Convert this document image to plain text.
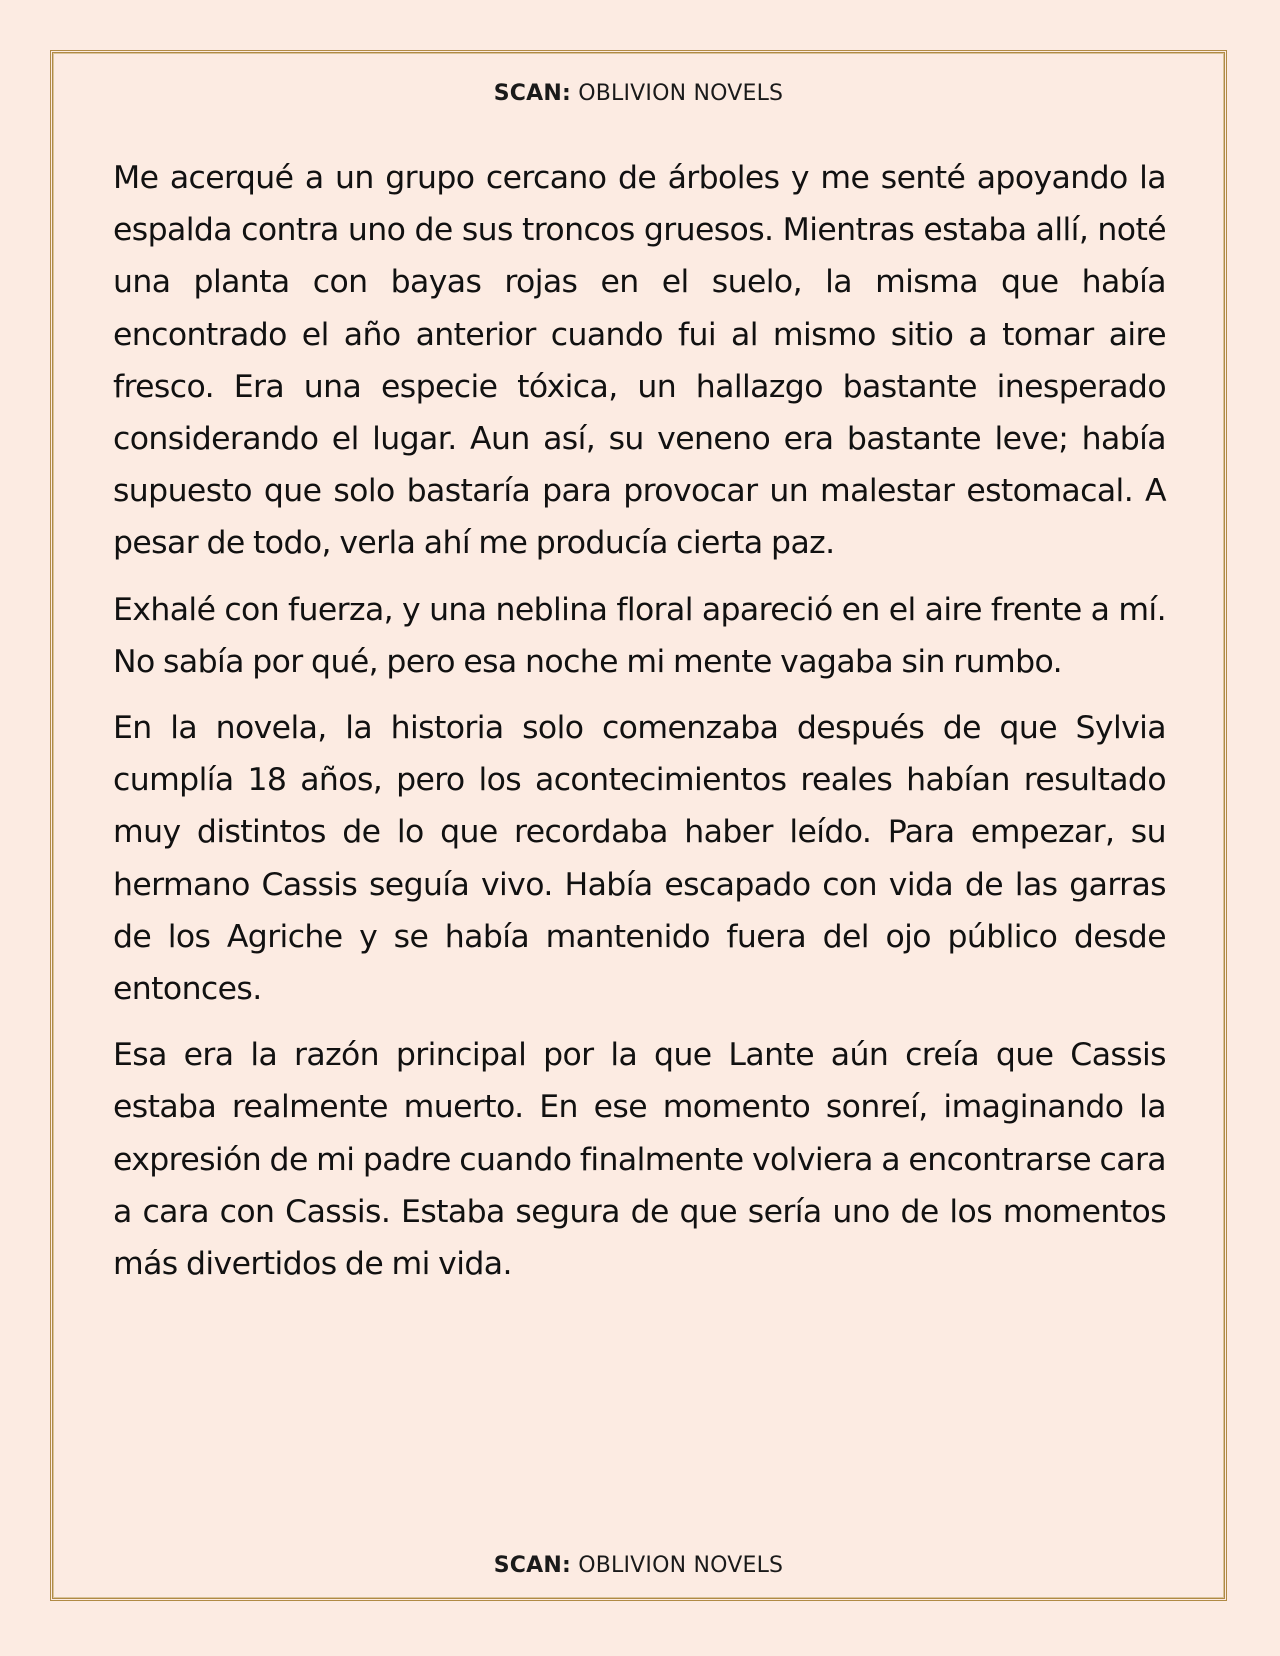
SCAN: OBLIVION NOVELS

Me acerqué a un grupo cercano de árboles y me senté apoyando la espalda contra uno de sus troncos gruesos. Mientras estaba allí, noté una planta con bayas rojas en el suelo, la misma que había encontrado el año anterior cuando fui al mismo sitio a tomar aire fresco. Era una especie tóxica, un hallazgo bastante inesperado considerando el lugar. Aun así, su veneno era bastante leve; había supuesto que solo bastaría para provocar un malestar estomacal. A pesar de todo, verla ahí me producía cierta paz.

Exhalé con fuerza, y una neblina floral apareció en el aire frente a mí. No sabía por qué, pero esa noche mi mente vagaba sin rumbo.

En la novela, la historia solo comenzaba después de que Sylvia cumplía 18 años, pero los acontecimientos reales habían resultado muy distintos de lo que recordaba haber leído. Para empezar, su hermano Cassis seguía vivo. Había escapado con vida de las garras de los Agriche y se había mantenido fuera del ojo público desde entonces.

Esa era la razón principal por la que Lante aún creía que Cassis estaba realmente muerto. En ese momento sonreí, imaginando la expresión de mi padre cuando finalmente volviera a encontrarse cara a cara con Cassis. Estaba segura de que sería uno de los momentos más divertidos de mi vida.

SCAN: OBLIVION NOVELS
